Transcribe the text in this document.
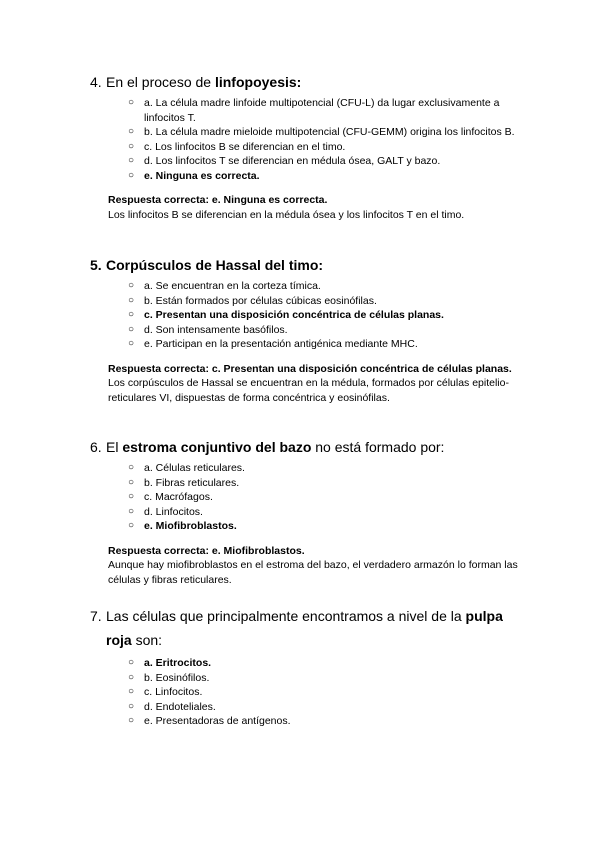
4. En el proceso de linfopoyesis:
○ a. La célula madre linfoide multipotencial (CFU-L) da lugar exclusivamente a linfocitos T.
○ b. La célula madre mieloide multipotencial (CFU-GEMM) origina los linfocitos B.
○ c. Los linfocitos B se diferencian en el timo.
○ d. Los linfocitos T se diferencian en médula ósea, GALT y bazo.
○ e. Ninguna es correcta.
Respuesta correcta: e. Ninguna es correcta.
Los linfocitos B se diferencian en la médula ósea y los linfocitos T en el timo.
5. Corpúsculos de Hassal del timo:
○ a. Se encuentran en la corteza tímica.
○ b. Están formados por células cúbicas eosinófilas.
○ c. Presentan una disposición concéntrica de células planas.
○ d. Son intensamente basófilos.
○ e. Participan en la presentación antigénica mediante MHC.
Respuesta correcta: c. Presentan una disposición concéntrica de células planas.
Los corpúsculos de Hassal se encuentran en la médula, formados por células epitelio-reticulares VI, dispuestas de forma concéntrica y eosinófilas.
6. El estroma conjuntivo del bazo no está formado por:
○ a. Células reticulares.
○ b. Fibras reticulares.
○ c. Macrófagos.
○ d. Linfocitos.
○ e. Miofibroblastos.
Respuesta correcta: e. Miofibroblastos.
Aunque hay miofibroblastos en el estroma del bazo, el verdadero armazón lo forman las células y fibras reticulares.
7. Las células que principalmente encontramos a nivel de la pulpa roja son:
○ a. Eritrocitos.
○ b. Eosinófilos.
○ c. Linfocitos.
○ d. Endoteliales.
○ e. Presentadoras de antígenos.
